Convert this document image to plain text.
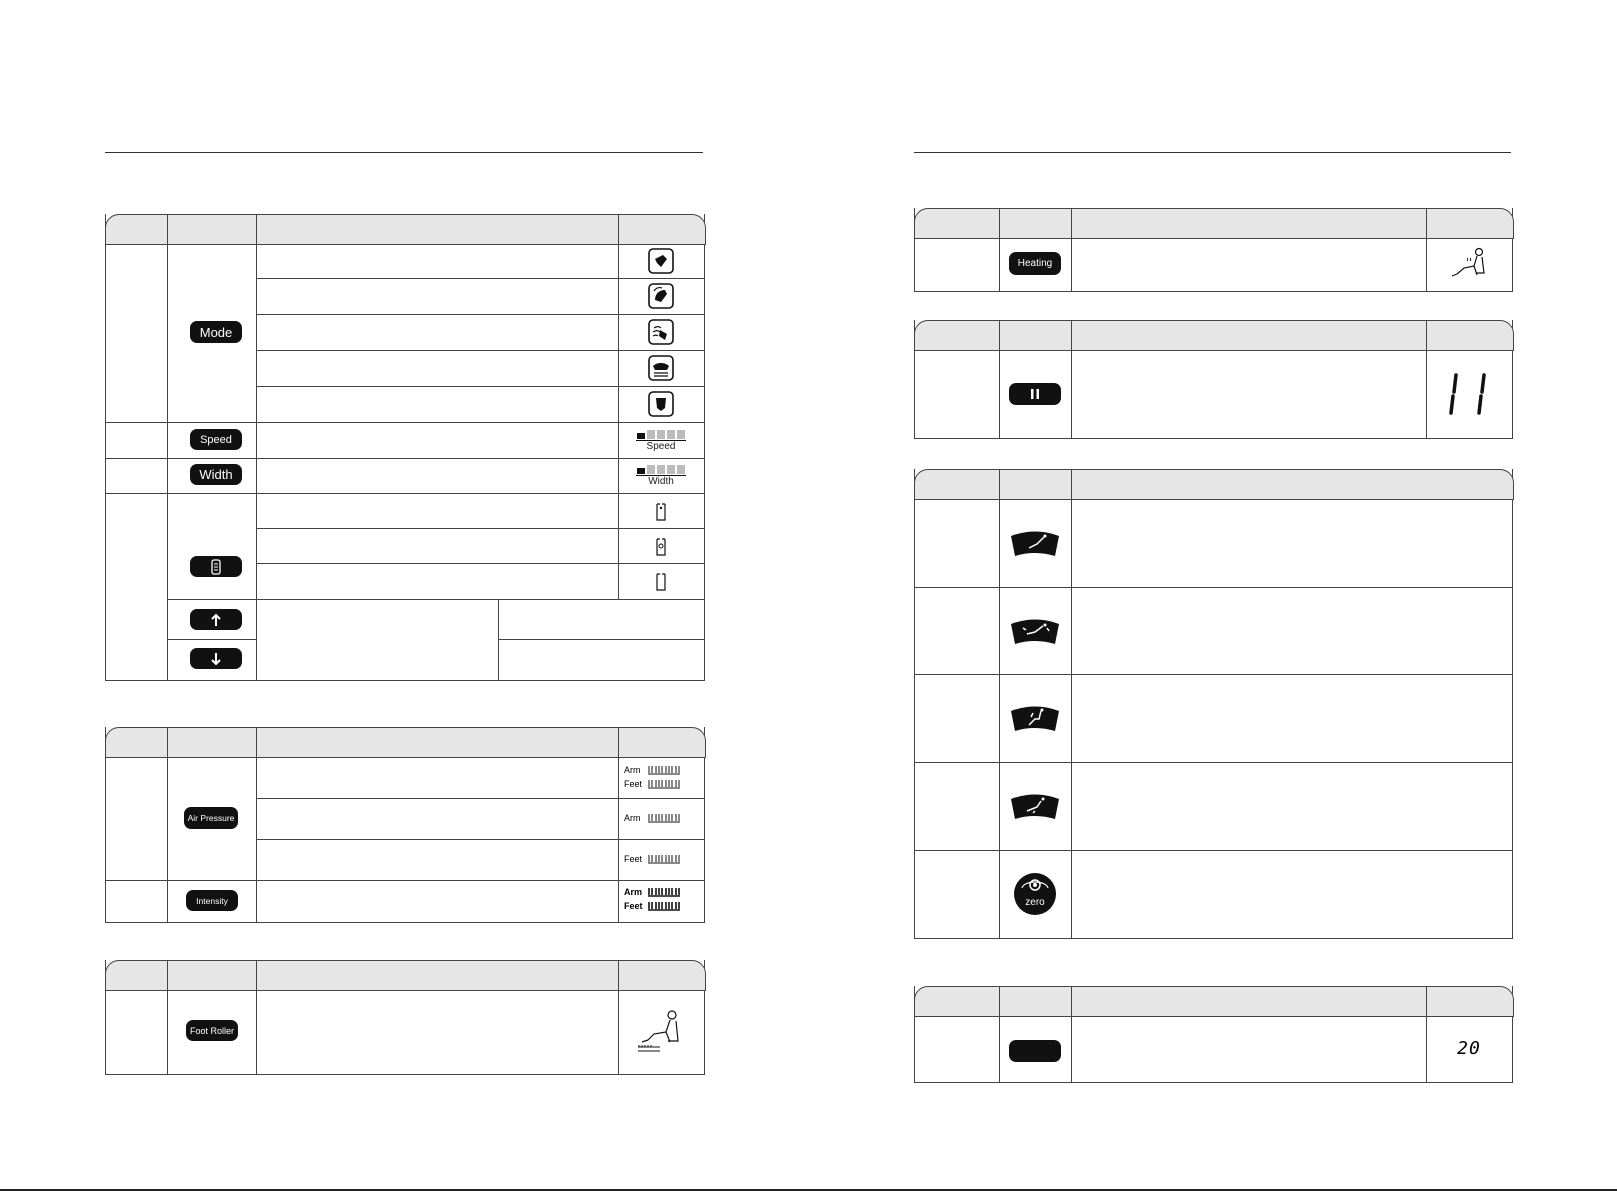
Mode
Speed
Width
Speed
Width
Air Pressure
Intensity
Arm
Feet
Arm
Feet
Arm
Feet
Foot Roller
Heating
zero
20
